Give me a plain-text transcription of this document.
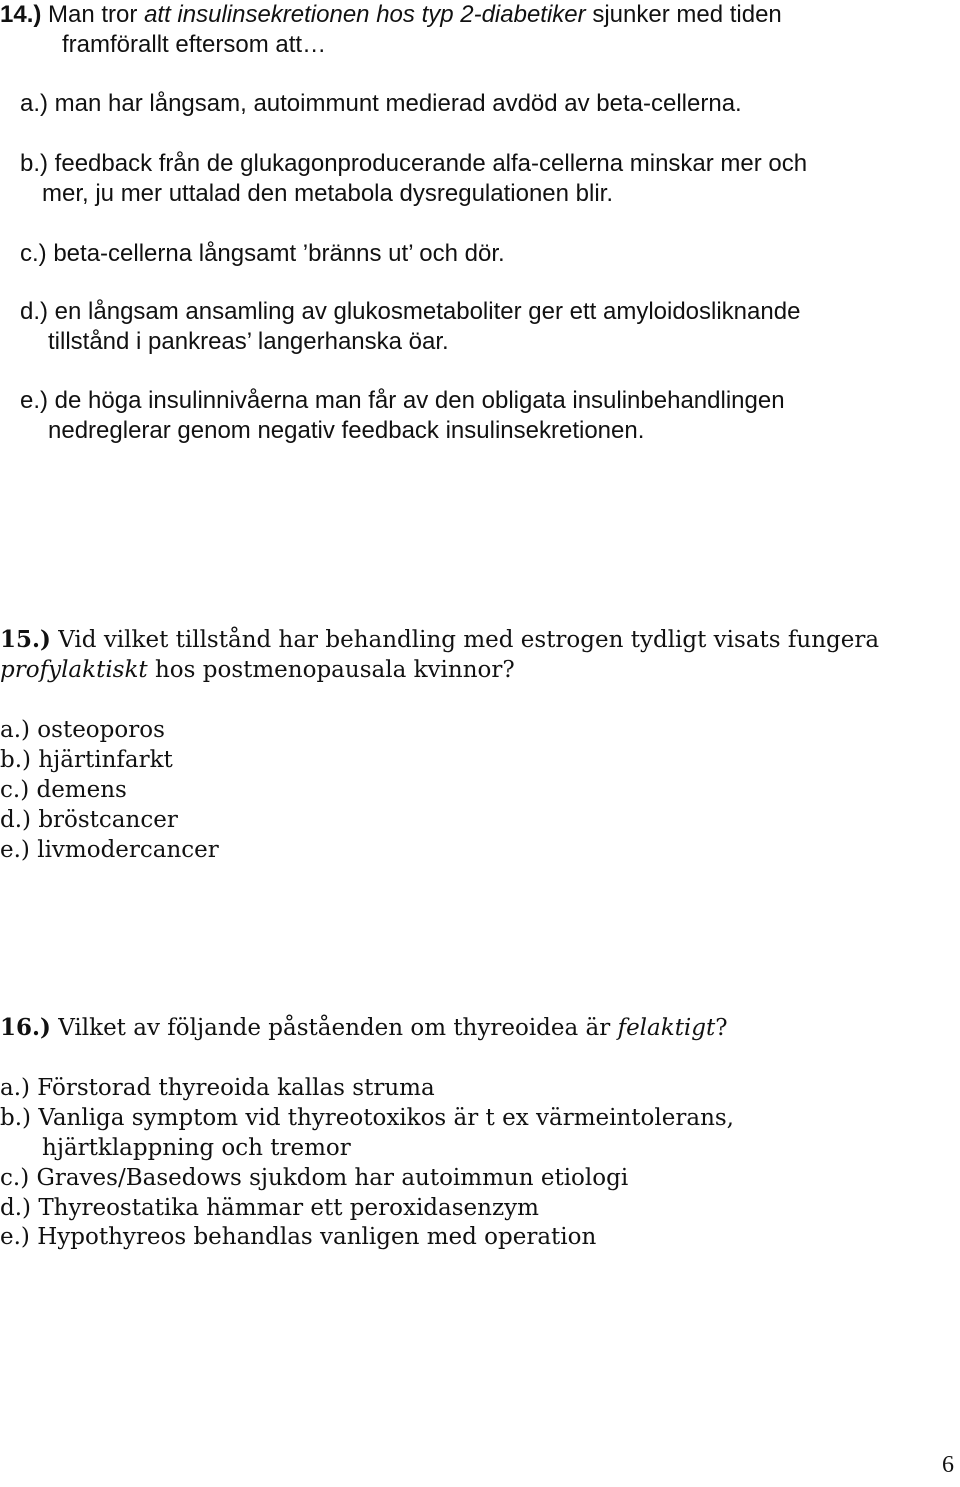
14.) Man tror att insulinsekretionen hos typ 2-diabetiker sjunker med tiden
framförallt eftersom att…
a.) man har långsam, autoimmunt medierad avdöd av beta-cellerna.
b.) feedback från de glukagonproducerande alfa-cellerna minskar mer och
mer, ju mer uttalad den metabola dysregulationen blir.
c.) beta-cellerna långsamt ’bränns ut’ och dör.
d.) en långsam ansamling av glukosmetaboliter ger ett amyloidosliknande
tillstånd i pankreas’ langerhanska öar.
e.) de höga insulinnivåerna man får av den obligata insulinbehandlingen
nedreglerar genom negativ feedback insulinsekretionen.
15.) Vid vilket tillstånd har behandling med estrogen tydligt visats fungera
profylaktiskt hos postmenopausala kvinnor?
a.) osteoporos
b.) hjärtinfarkt
c.) demens
d.) bröstcancer
e.) livmodercancer
16.) Vilket av följande påståenden om thyreoidea är felaktigt?
a.) Förstorad thyreoida kallas struma
b.) Vanliga symptom vid thyreotoxikos är t ex värmeintolerans,
hjärtklappning och tremor
c.) Graves/Basedows sjukdom har autoimmun etiologi
d.) Thyreostatika hämmar ett peroxidasenzym
e.) Hypothyreos behandlas vanligen med operation
6
